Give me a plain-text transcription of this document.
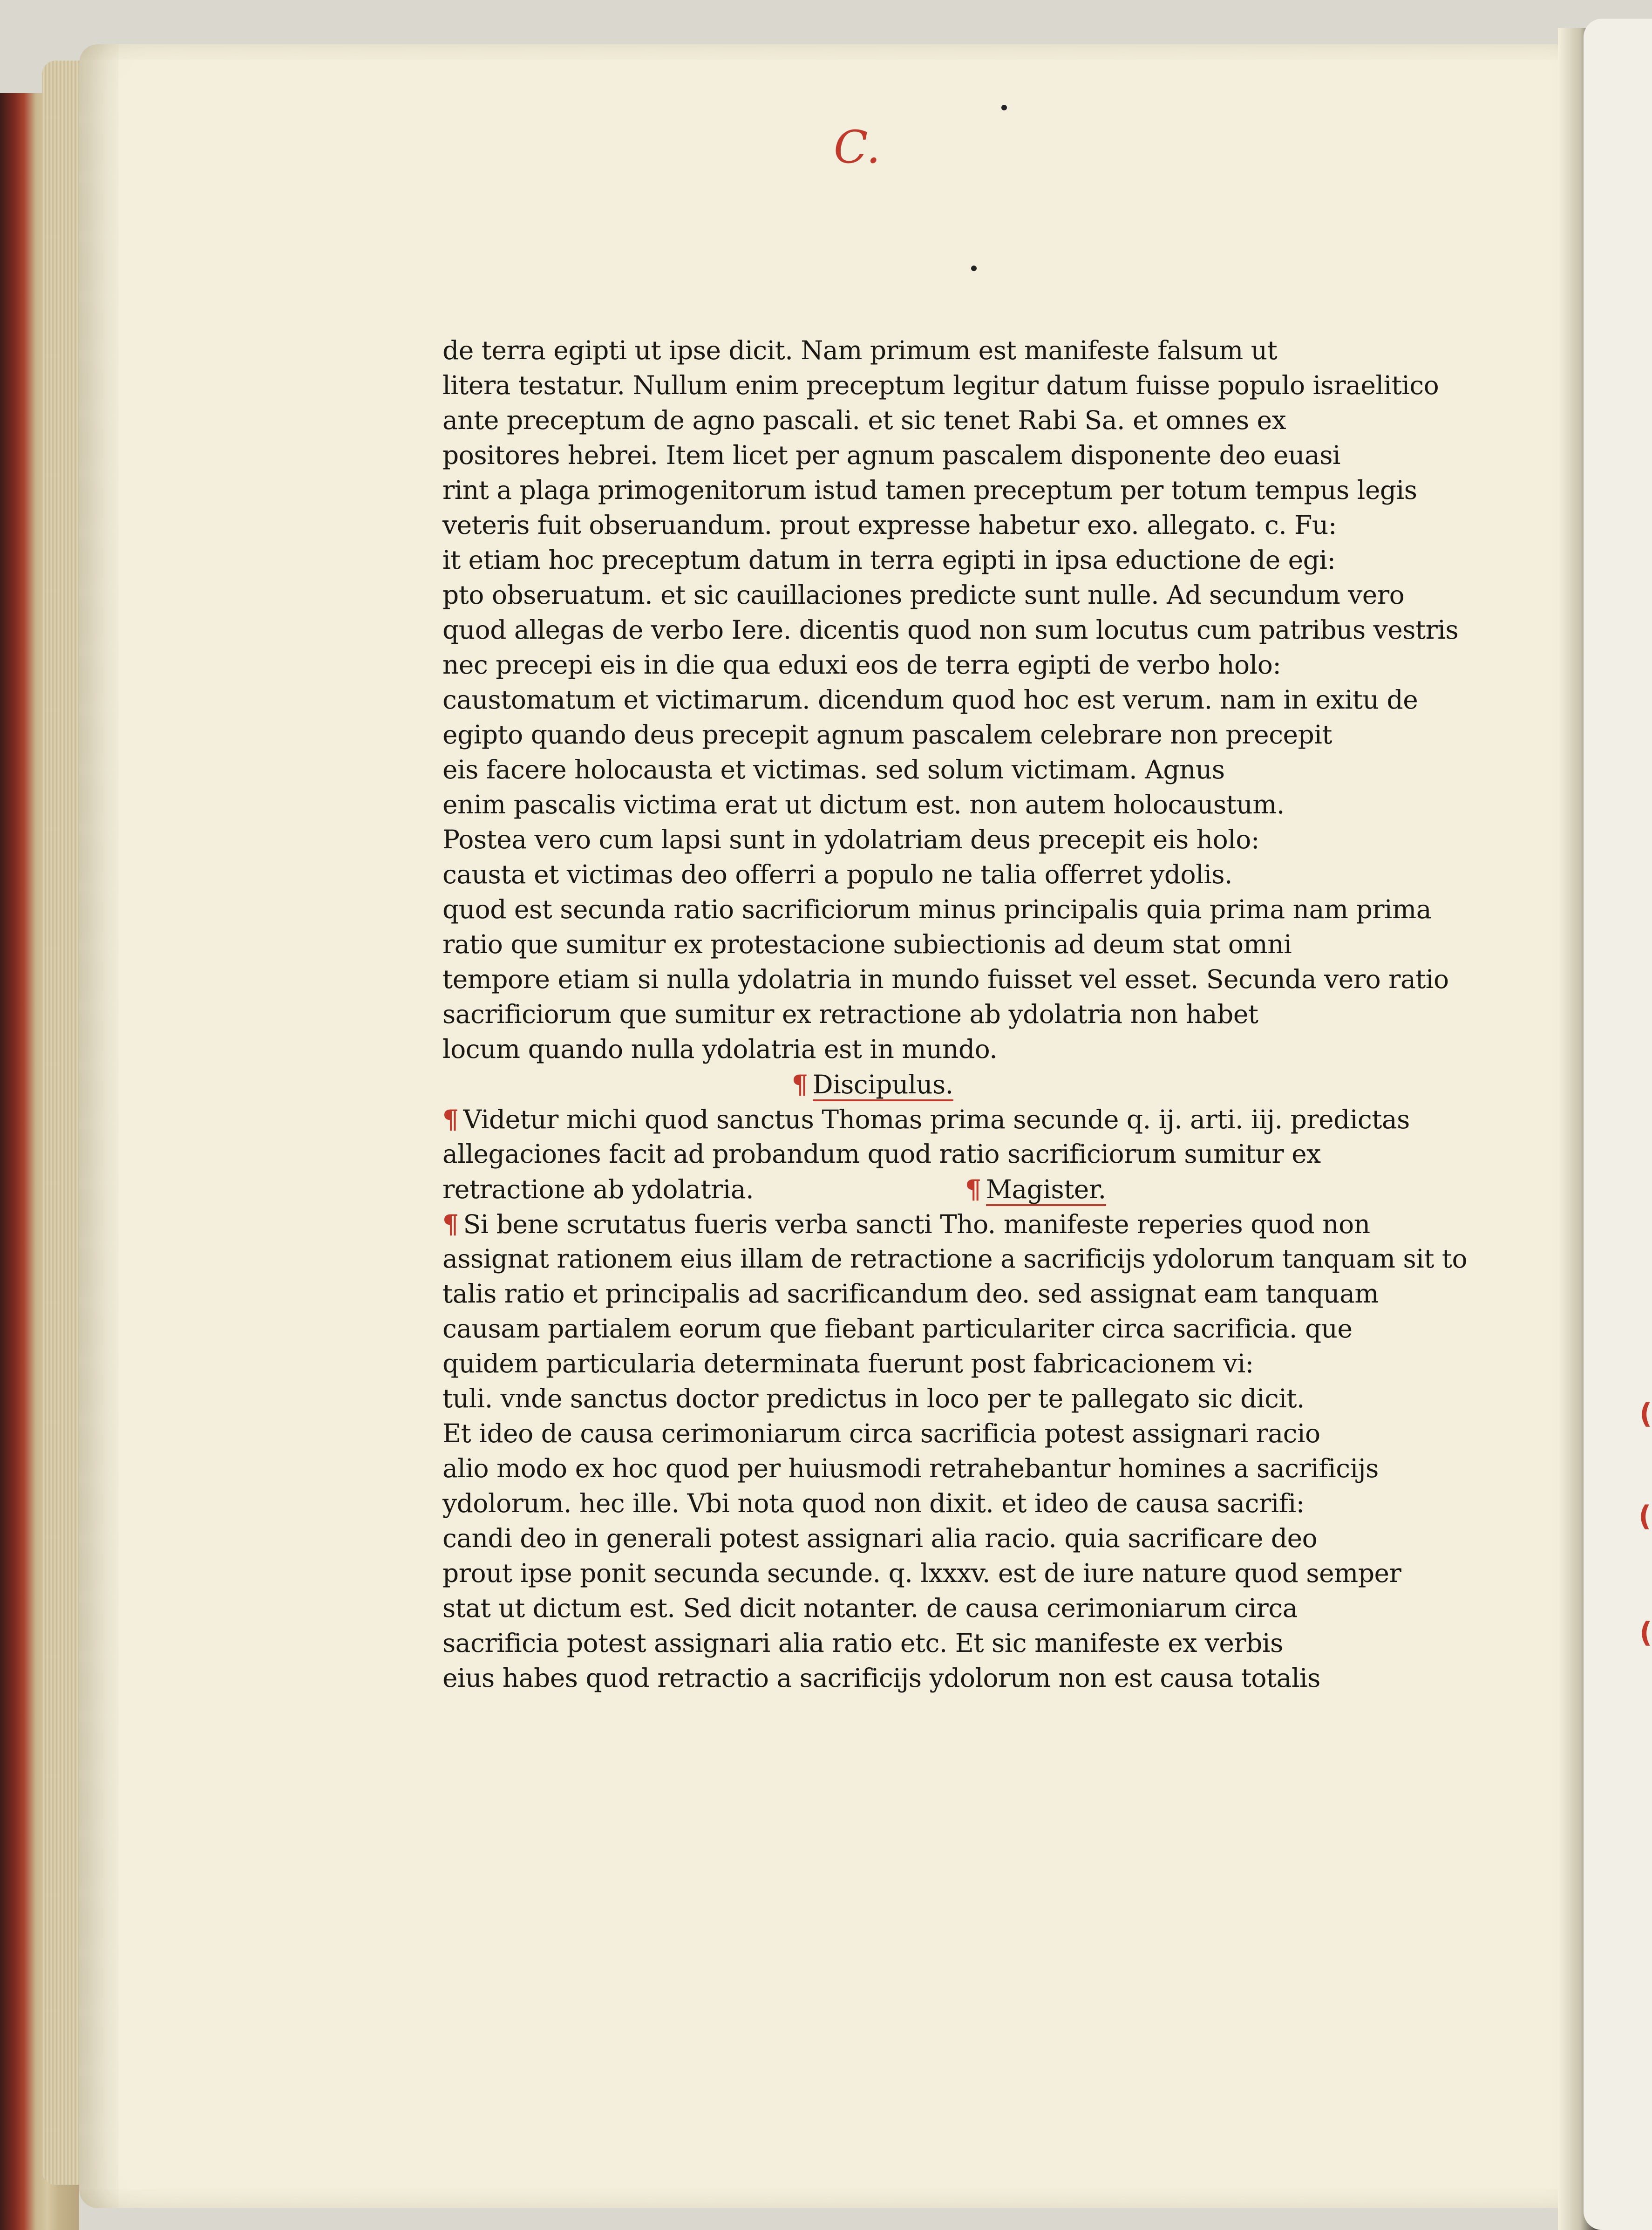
C.
(
(
(
de terra egipti ut ipse dicit. Nam primum est manifeste falsum ut
litera testatur. Nullum enim preceptum legitur datum fuisse populo israelitico
ante preceptum de agno pascali. et sic tenet Rabi Sa. et omnes ex
positores hebrei. Item licet per agnum pascalem disponente deo euasi
rint a plaga primogenitorum istud tamen preceptum per totum tempus legis
veteris fuit obseruandum. prout expresse habetur exo. allegato. c. Fu:
it etiam hoc preceptum datum in terra egipti in ipsa eductione de egi:
pto obseruatum. et sic cauillaciones predicte sunt nulle. Ad secundum vero
quod allegas de verbo Iere. dicentis quod non sum locutus cum patribus vestris
nec precepi eis in die qua eduxi eos de terra egipti de verbo holo:
caustomatum et victimarum. dicendum quod hoc est verum. nam in exitu de
egipto quando deus precepit agnum pascalem celebrare non precepit
eis facere holocausta et victimas. sed solum victimam. Agnus
enim pascalis victima erat ut dictum est. non autem holocaustum.
Postea vero cum lapsi sunt in ydolatriam deus precepit eis holo:
causta et victimas deo offerri a populo ne talia offerret ydolis.
quod est secunda ratio sacrificiorum minus principalis quia prima nam prima
ratio que sumitur ex protestacione subiectionis ad deum stat omni
tempore etiam si nulla ydolatria in mundo fuisset vel esset. Secunda vero ratio
sacrificiorum que sumitur ex retractione ab ydolatria non habet
locum quando nulla ydolatria est in mundo.
¶ Discipulus.
¶ Videtur michi quod sanctus Thomas prima secunde q. ij. arti. iij. predictas
allegaciones facit ad probandum quod ratio sacrificiorum sumitur ex
retractione ab ydolatria.	¶ Magister.
¶ Si bene scrutatus fueris verba sancti Tho. manifeste reperies quod non
assignat rationem eius illam de retractione a sacrificijs ydolorum tanquam sit to
talis ratio et principalis ad sacrificandum deo. sed assignat eam tanquam
causam partialem eorum que fiebant particulariter circa sacrificia. que
quidem particularia determinata fuerunt post fabricacionem vi:
tuli. vnde sanctus doctor predictus in loco per te pallegato sic dicit.
Et ideo de causa cerimoniarum circa sacrificia potest assignari racio
alio modo ex hoc quod per huiusmodi retrahebantur homines a sacrificijs
ydolorum. hec ille. Vbi nota quod non dixit. et ideo de causa sacrifi:
candi deo in generali potest assignari alia racio. quia sacrificare deo
prout ipse ponit secunda secunde. q. lxxxv. est de iure nature quod semper
stat ut dictum est. Sed dicit notanter. de causa cerimoniarum circa
sacrificia potest assignari alia ratio etc. Et sic manifeste ex verbis
eius habes quod retractio a sacrificijs ydolorum non est causa totalis
